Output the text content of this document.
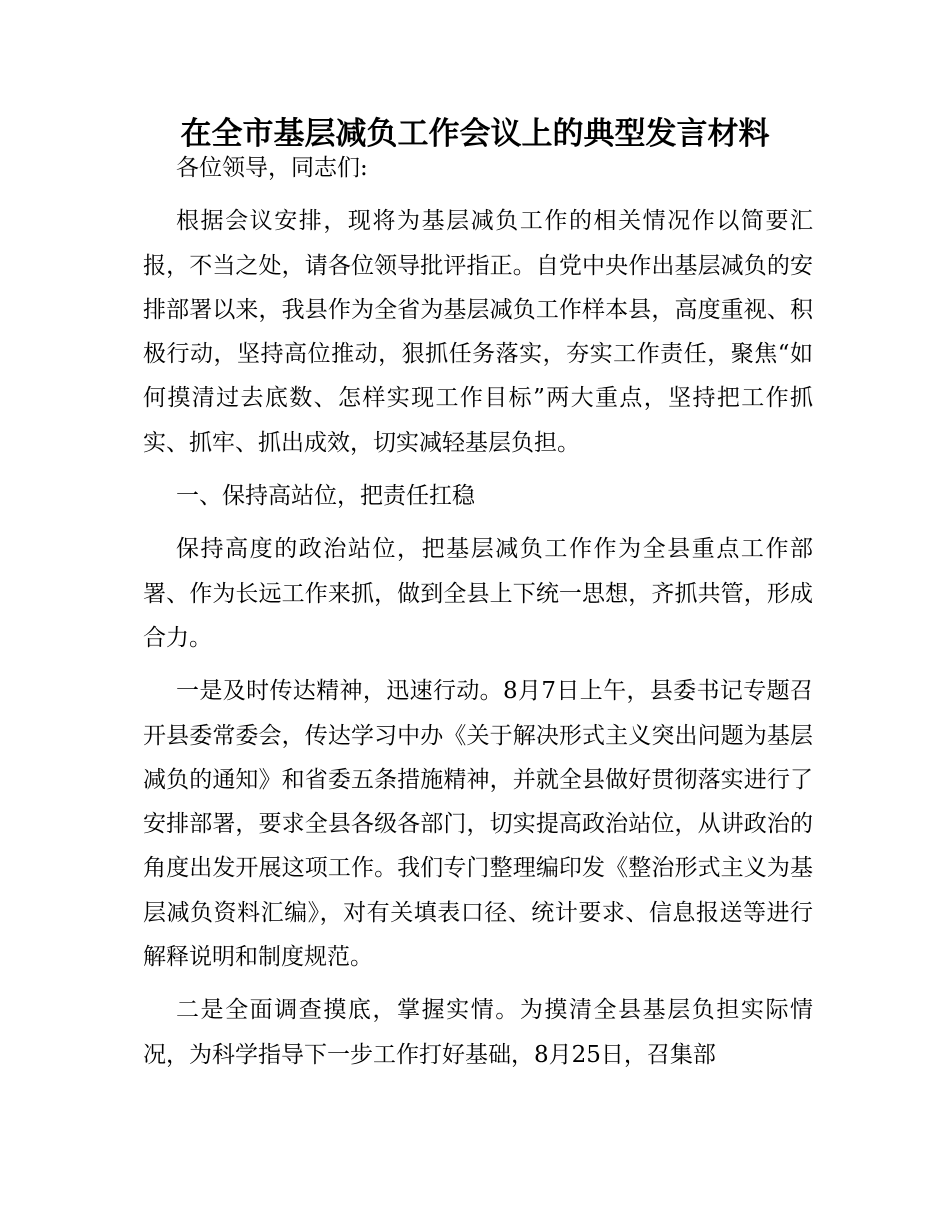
在全市基层减负工作会议上的典型发言材料

各位领导，同志们:

根据会议安排，现将为基层减负工作的相关情况作以简要汇报，不当之处，请各位领导批评指正。自党中央作出基层减负的安排部署以来，我县作为全省为基层减负工作样本县，高度重视、积极行动，坚持高位推动，狠抓任务落实，夯实工作责任，聚焦“如何摸清过去底数、怎样实现工作目标”两大重点，坚持把工作抓实、抓牢、抓出成效，切实减轻基层负担。

一、保持高站位，把责任扛稳

保持高度的政治站位，把基层减负工作作为全县重点工作部署、作为长远工作来抓，做到全县上下统一思想，齐抓共管，形成合力。

一是及时传达精神，迅速行动。8月7日上午，县委书记专题召开县委常委会，传达学习中办《关于解决形式主义突出问题为基层减负的通知》和省委五条措施精神，并就全县做好贯彻落实进行了安排部署，要求全县各级各部门，切实提高政治站位，从讲政治的角度出发开展这项工作。我们专门整理编印发《整治形式主义为基层减负资料汇编》，对有关填表口径、统计要求、信息报送等进行解释说明和制度规范。

二是全面调查摸底，掌握实情。为摸清全县基层负担实际情况，为科学指导下一步工作打好基础，8月25日，召集部
